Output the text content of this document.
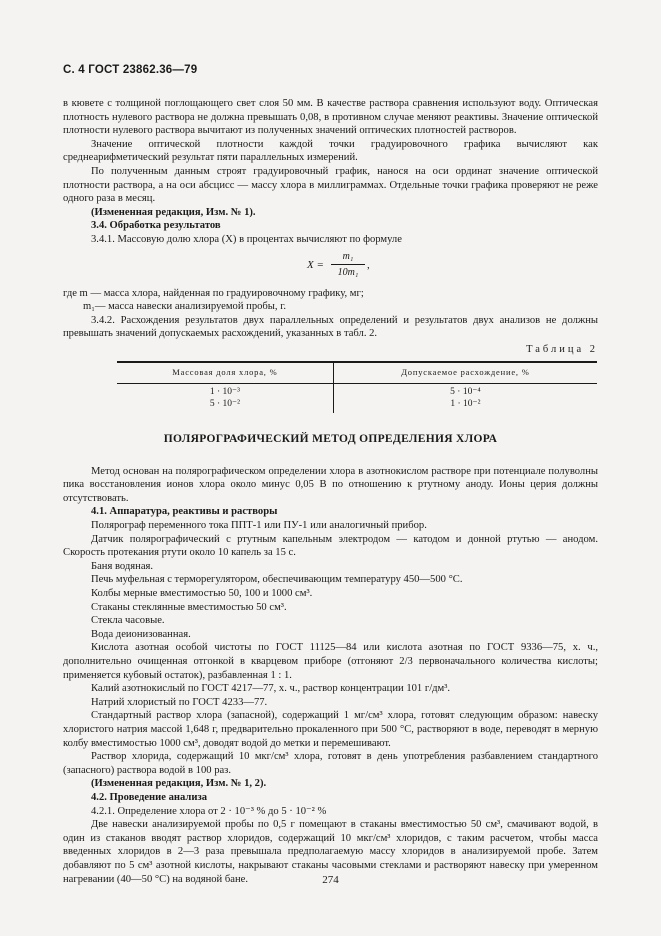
С. 4 ГОСТ 23862.36—79

в кювете с толщиной поглощающего свет слоя 50 мм. В качестве раствора сравнения используют воду. Оптическая плотность нулевого раствора не должна превышать 0,08, в противном случае меняют реактивы. Значение оптической плотности нулевого раствора вычитают из полученных значений оптических плотностей растворов.

Значение оптической плотности каждой точки градуировочного графика вычисляют как среднеарифметический результат пяти параллельных измерений.

По полученным данным строят градуировочный график, нанося на оси ординат значение оптической плотности раствора, а на оси абсцисс — массу хлора в миллиграммах. Отдельные точки графика проверяют не реже одного раза в месяц.

(Измененная редакция, Изм. № 1).

3.4. Обработка результатов

3.4.1. Массовую долю хлора (X) в процентах вычисляют по формуле

$X = \frac{\text{m₁}}{\text{10m₁}}$ ,

где m — масса хлора, найденная по градуировочному графику, мг;

m₁— масса навески анализируемой пробы, г.

3.4.2. Расхождения результатов двух параллельных определений и результатов двух анализов не должны превышать значений допускаемых расхождений, указанных в табл. 2.

Таблица 2
Массовая доля хлора, %	Допускаемое расхождение, %
1 · 10⁻³	5 · 10⁻⁴
5 · 10⁻²	1 · 10⁻²
ПОЛЯРОГРАФИЧЕСКИЙ МЕТОД ОПРЕДЕЛЕНИЯ ХЛОРА

Метод основан на полярографическом определении хлора в азотнокислом растворе при потенциале полуволны пика восстановления ионов хлора около минус 0,05 В по отношению к ртутному аноду. Ионы церия должны отсутствовать.

4.1. Аппаратура, реактивы и растворы

Полярограф переменного тока ППТ-1 или ПУ-1 или аналогичный прибор.

Датчик полярографический с ртутным капельным электродом — катодом и донной ртутью — анодом. Скорость протекания ртути около 10 капель за 15 с.

Баня водяная.

Печь муфельная с терморегулятором, обеспечивающим температуру 450—500 °С.

Колбы мерные вместимостью 50, 100 и 1000 см³.

Стаканы стеклянные вместимостью 50 см³.

Стекла часовые.

Вода деионизованная.

Кислота азотная особой чистоты по ГОСТ 11125—84 или кислота азотная по ГОСТ 9336—75, х. ч., дополнительно очищенная отгонкой в кварцевом приборе (отгоняют 2/3 первоначального количества кислоты; применяется кубовый остаток), разбавленная 1 : 1.

Калий азотнокислый по ГОСТ 4217—77, х. ч., раствор концентрации 101 г/дм³.

Натрий хлористый по ГОСТ 4233—77.

Стандартный раствор хлора (запасной), содержащий 1 мг/см³ хлора, готовят следующим образом: навеску хлористого натрия массой 1,648 г, предварительно прокаленного при 500 °С, растворяют в воде, переводят в мерную колбу вместимостью 1000 см³, доводят водой до метки и перемешивают.

Раствор хлорида, содержащий 10 мкг/см³ хлора, готовят в день употребления разбавлением стандартного (запасного) раствора водой в 100 раз.

(Измененная редакция, Изм. № 1, 2).

4.2. Проведение анализа

4.2.1. Определение хлора от 2 · 10⁻³ % до 5 · 10⁻² %

Две навески анализируемой пробы по 0,5 г помещают в стаканы вместимостью 50 см³, смачивают водой, в один из стаканов вводят раствор хлоридов, содержащий 10 мкг/см³ хлоридов, с таким расчетом, чтобы масса введенных хлоридов в 2—3 раза превышала предполагаемую массу хлоридов в анализируемой пробе. Затем добавляют по 5 см³ азотной кислоты, накрывают стаканы часовыми стеклами и растворяют навеску при умеренном нагревании (40—50 °С) на водяной бане.	274
